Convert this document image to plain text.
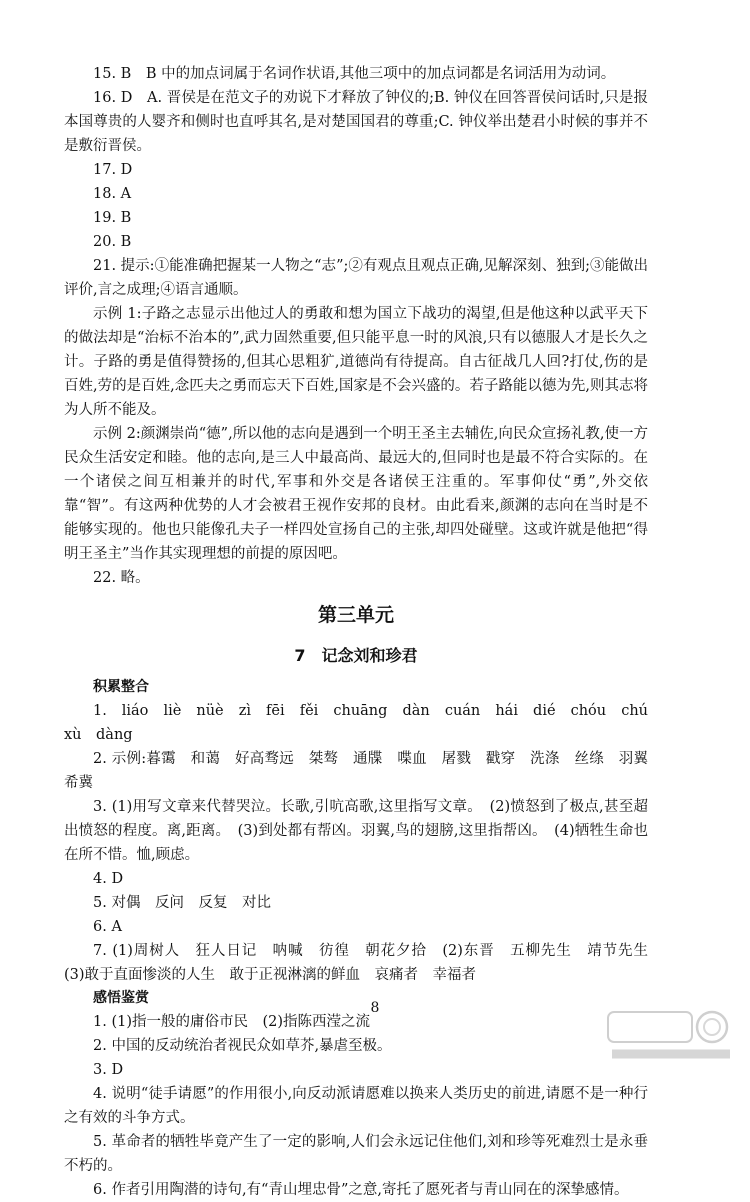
15. B　B 中的加点词属于名词作状语,其他三项中的加点词都是名词活用为动词。

16. D　A. 晋侯是在范文子的劝说下才释放了钟仪的;B. 钟仪在回答晋侯问话时,只是报本国尊贵的人婴齐和侧时也直呼其名,是对楚国国君的尊重;C. 钟仪举出楚君小时候的事并不是敷衍晋侯。

17. D

18. A

19. B

20. B

21. 提示:①能准确把握某一人物之“志”;②有观点且观点正确,见解深刻、独到;③能做出评价,言之成理;④语言通顺。

示例 1:子路之志显示出他过人的勇敢和想为国立下战功的渴望,但是他这种以武平天下的做法却是“治标不治本的”,武力固然重要,但只能平息一时的风浪,只有以德服人才是长久之计。子路的勇是值得赞扬的,但其心思粗犷,道德尚有待提高。自古征战几人回?打仗,伤的是百姓,劳的是百姓,念匹夫之勇而忘天下百姓,国家是不会兴盛的。若子路能以德为先,则其志将为人所不能及。

示例 2:颜渊崇尚“德”,所以他的志向是遇到一个明王圣主去辅佐,向民众宣扬礼教,使一方民众生活安定和睦。他的志向,是三人中最高尚、最远大的,但同时也是最不符合实际的。在一个诸侯之间互相兼并的时代,军事和外交是各诸侯王注重的。军事仰仗“勇”,外交依靠“智”。有这两种优势的人才会被君王视作安邦的良材。由此看来,颜渊的志向在当时是不能够实现的。他也只能像孔夫子一样四处宣扬自己的主张,却四处碰壁。这或许就是他把“得明王圣主”当作其实现理想的前提的原因吧。

22. 略。

第三单元
7　记念刘和珍君

积累整合

1. liáo　liè　nüè　zì　fēi　fěi　chuāng　dàn　cuán　hái　dié　chóu　chú　xù　dàng

2. 示例:暮霭　和蔼　好高骛远　桀骜　通牒　喋血　屠戮　戳穿　洗涤　丝绦　羽翼　希冀

3. (1)用写文章来代替哭泣。长歌,引吭高歌,这里指写文章。　(2)愤怒到了极点,甚至超出愤怒的程度。离,距离。　(3)到处都有帮凶。羽翼,鸟的翅膀,这里指帮凶。　(4)牺牲生命也在所不惜。恤,顾虑。

4. D

5. 对偶　反问　反复　对比

6. A

7. (1)周树人　狂人日记　呐喊　彷徨　朝花夕拾　(2)东晋　五柳先生　靖节先生　(3)敢于直面惨淡的人生　敢于正视淋漓的鲜血　哀痛者　幸福者

感悟鉴赏

1. (1)指一般的庸俗市民　(2)指陈西滢之流

2. 中国的反动统治者视民众如草芥,暴虐至极。

3. D

4. 说明“徒手请愿”的作用很小,向反动派请愿难以换来人类历史的前进,请愿不是一种行之有效的斗争方式。

5. 革命者的牺牲毕竟产生了一定的影响,人们会永远记住他们,刘和珍等死难烈士是永垂不朽的。

6. 作者引用陶潜的诗句,有“青山埋忠骨”之意,寄托了愿死者与青山同在的深挚感情。

8
